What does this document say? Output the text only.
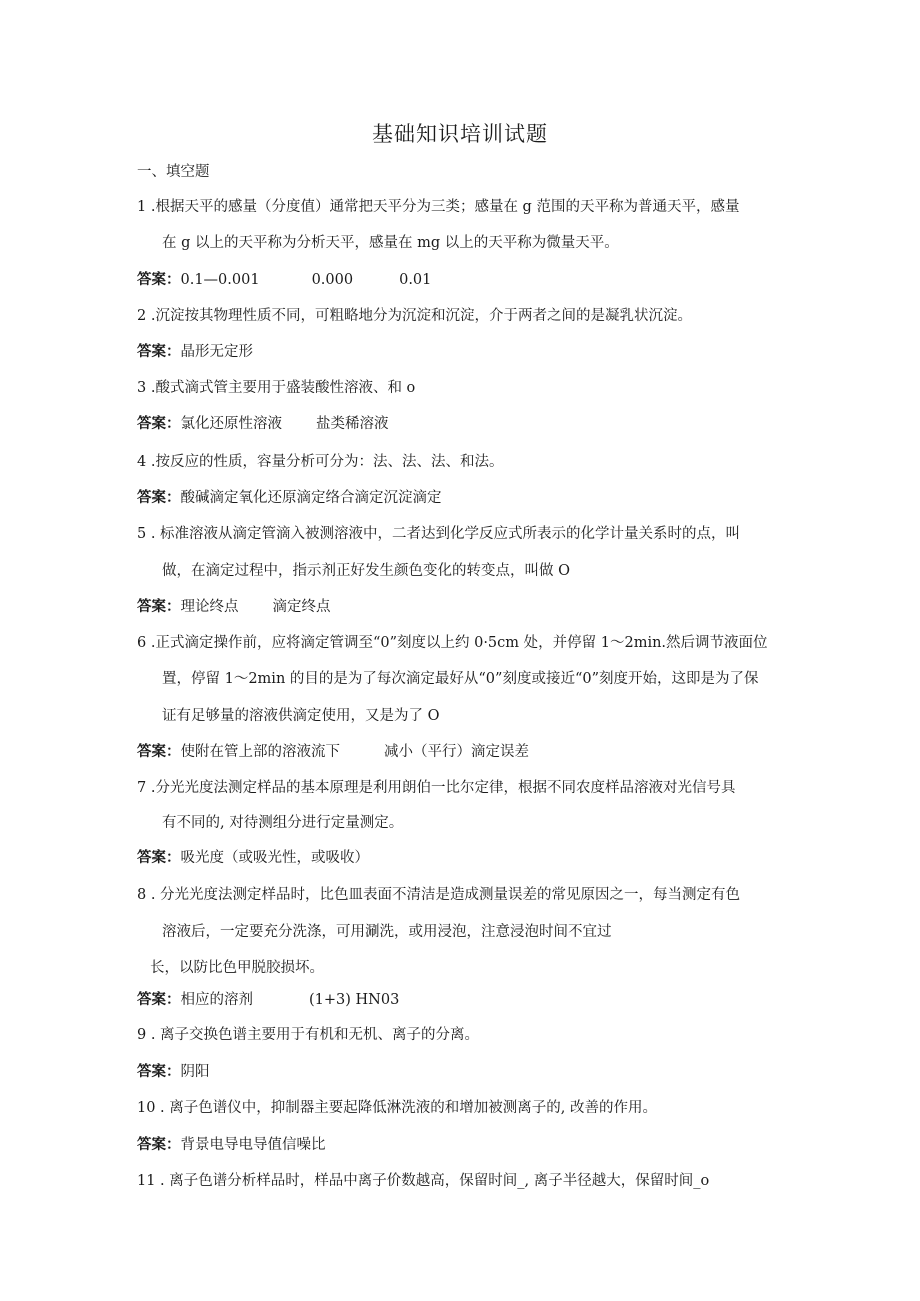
基础知识培训试题
一、填空题
1 .根据天平的感量（分度值）通常把天平分为三类；感量在 g 范围的天平称为普通天平，感量
在 g 以上的天平称为分析天平，感量在 mg 以上的天平称为微量天平。
答案：0.1—0.001	0.000	0.01
2 .沉淀按其物理性质不同，可粗略地分为沉淀和沉淀，介于两者之间的是凝乳状沉淀。
答案：晶形无定形
3 .酸式滴式管主要用于盛装酸性溶液、和 o
答案：氯化还原性溶液 盐类稀溶液
4 .按反应的性质，容量分析可分为：法、法、法、和法。
答案：酸碱滴定氧化还原滴定络合滴定沉淀滴定
5 . 标准溶液从滴定管滴入被测溶液中，二者达到化学反应式所表示的化学计量关系时的点，叫
做，在滴定过程中，指示剂正好发生颜色变化的转变点，叫做 O
答案：理论终点 滴定终点
6 .正式滴定操作前，应将滴定管调至“0”刻度以上约 0·5cm 处，并停留 1～2min.然后调节液面位
置，停留 1～2min 的目的是为了每次滴定最好从“0”刻度或接近“0”刻度开始，这即是为了保
证有足够量的溶液供滴定使用，又是为了 O
答案：使附在管上部的溶液流下	减小（平行）滴定误差
7 .分光光度法测定样品的基本原理是利用朗伯一比尔定律，根据不同农度样品溶液对光信号具
有不同的, 对待测组分进行定量测定。
答案：吸光度（或吸光性，或吸收）
8 . 分光光度法测定样品时，比色皿表面不清洁是造成测量误差的常见原因之一，每当测定有色
溶液后，一定要充分洗涤，可用涮洗，或用浸泡，注意浸泡时间不宜过
长，以防比色甲脱胶损坏。
答案：相应的溶剂	(1+3) HN03
9 . 离子交换色谱主要用于有机和无机、离子的分离。
答案：阴阳
10 . 离子色谱仪中，抑制器主要起降低淋洗液的和增加被测离子的, 改善的作用。
答案：背景电导电导值信噪比
11 . 离子色谱分析样品时，样品中离子价数越高，保留时间_, 离子半径越大，保留时间_o
